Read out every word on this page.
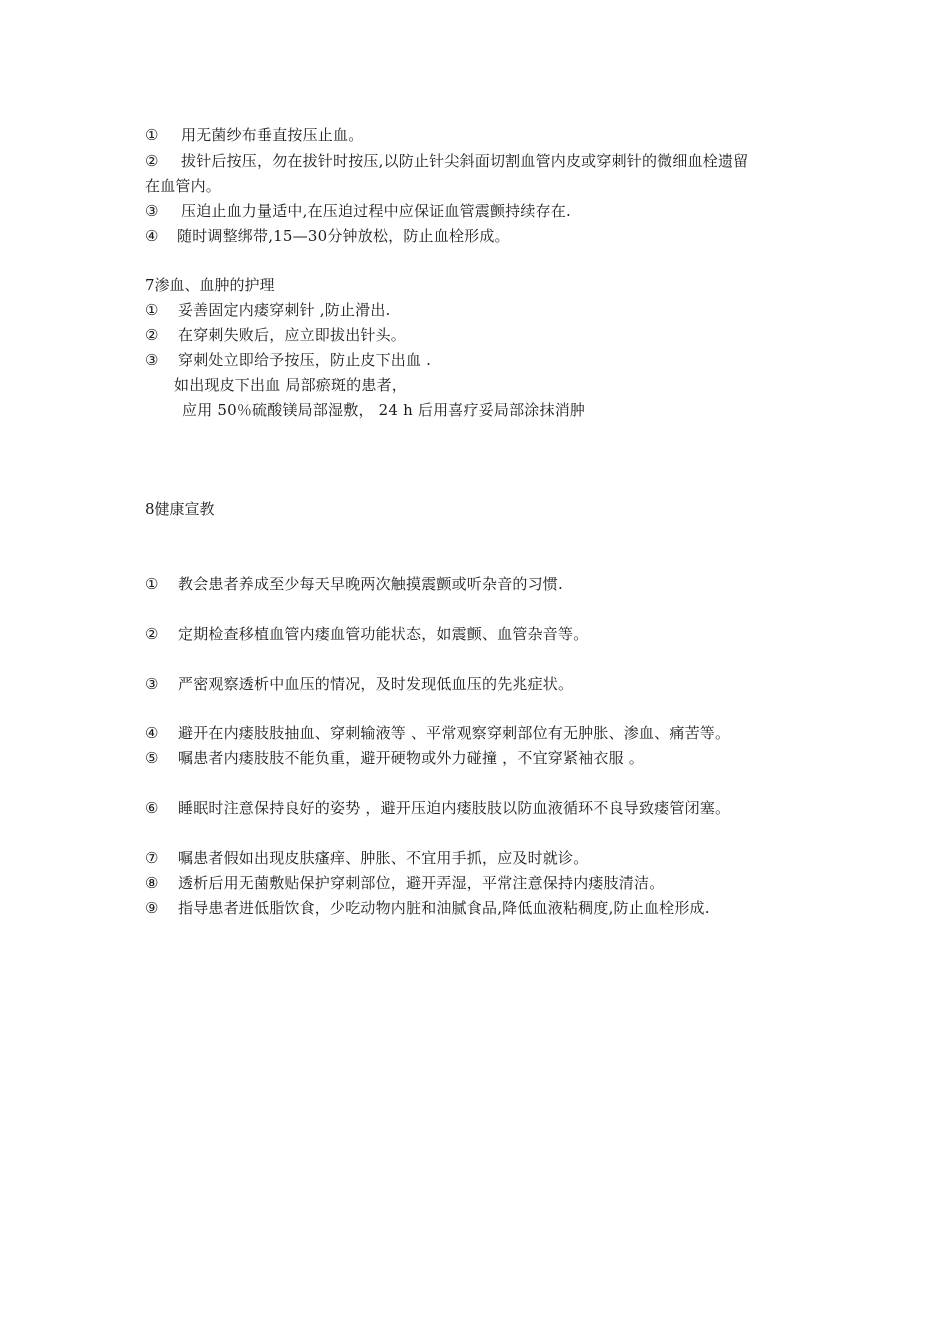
① 用无菌纱布垂直按压止血。
② 拔针后按压，勿在拔针时按压,以防止针尖斜面切割血管内皮或穿刺针的微细血栓遗留
在血管内。
③ 压迫止血力量适中,在压迫过程中应保证血管震颤持续存在.
④ 随时调整绑带,15—30分钟放松，防止血栓形成。
7渗血、血肿的护理
① 妥善固定内瘘穿刺针 ,防止滑出.
② 在穿刺失败后，应立即拔出针头。
③ 穿刺处立即给予按压，防止皮下出血 .
如出现皮下出血 局部瘀斑的患者，
应用 50％硫酸镁局部湿敷， 24 h 后用喜疗妥局部涂抹消肿
8健康宣教
① 教会患者养成至少每天早晚两次触摸震颤或听杂音的习惯.
② 定期检查移植血管内瘘血管功能状态，如震颤、血管杂音等。
③ 严密观察透析中血压的情况，及时发现低血压的先兆症状。
④ 避开在内瘘肢肢抽血、穿刺输液等 、平常观察穿刺部位有无肿胀、渗血、痛苦等。
⑤ 嘱患者内瘘肢肢不能负重，避开硬物或外力碰撞 ，不宜穿紧袖衣服 。
⑥ 睡眠时注意保持良好的姿势 ，避开压迫内瘘肢肢以防血液循环不良导致瘘管闭塞。
⑦ 嘱患者假如出现皮肤瘙痒、肿胀、不宜用手抓，应及时就诊。
⑧ 透析后用无菌敷贴保护穿刺部位，避开弄湿，平常注意保持内瘘肢清洁。
⑨ 指导患者进低脂饮食，少吃动物内脏和油腻食品,降低血液粘稠度,防止血栓形成.
